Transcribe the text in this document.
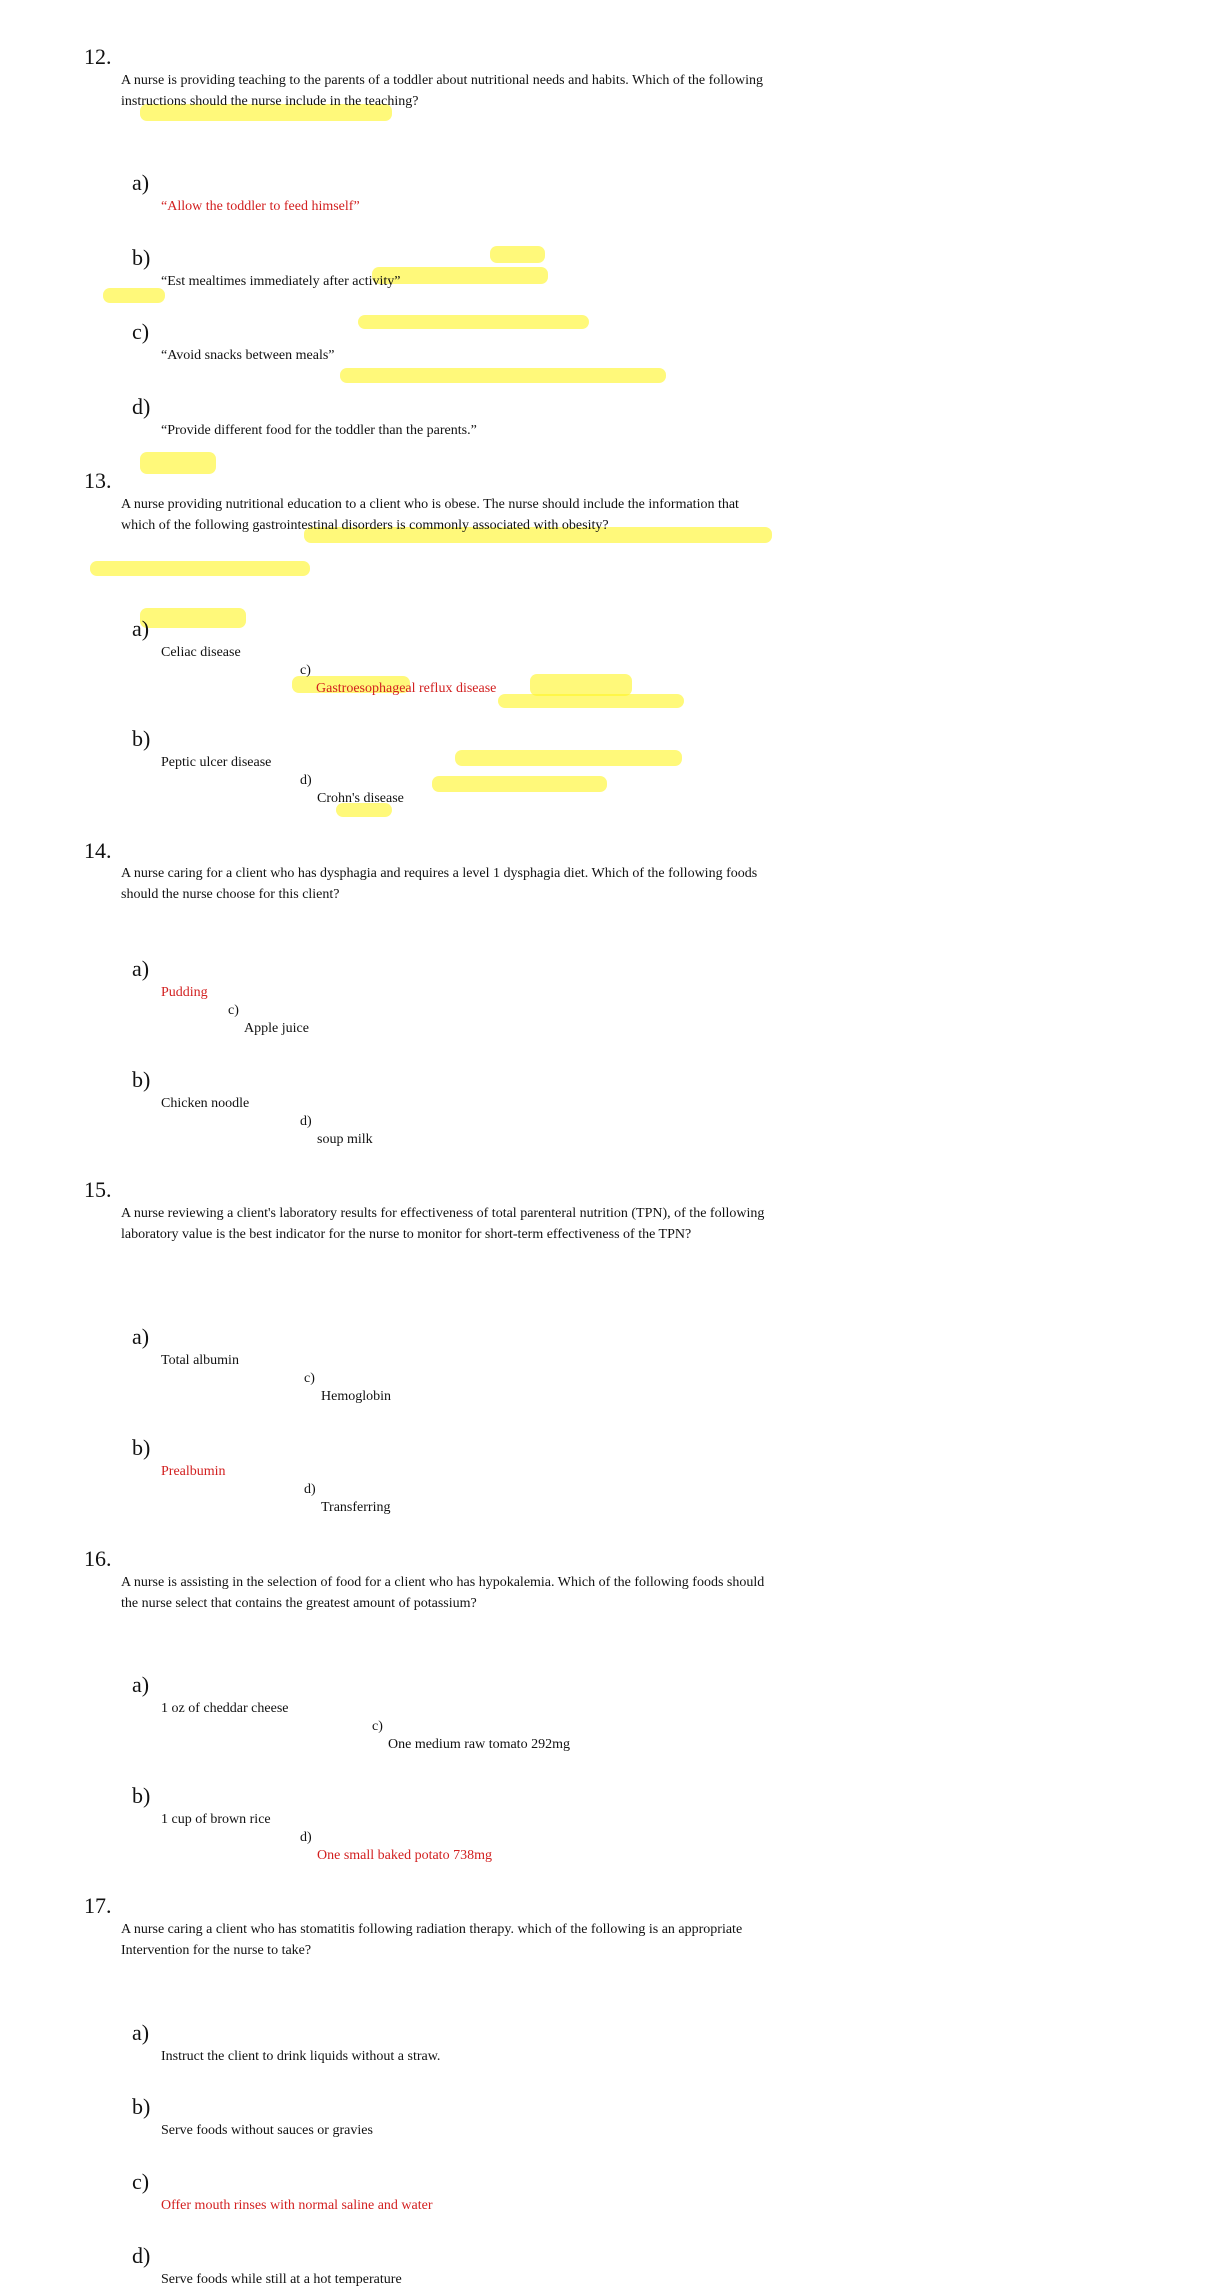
12.
A nurse is providing teaching to the parents of a toddler about nutritional needs and habits. Which of the following instructions should the nurse include in the teaching?
a)
“Allow the toddler to feed himself”
b)
“Est mealtimes immediately after activity”
c)
“Avoid snacks between meals”
d)
“Provide different food for the toddler than the parents.”
13.
A nurse providing nutritional education to a client who is obese. The nurse should include the information that which of the following gastrointestinal disorders is commonly associated with obesity?
a)
Celiac disease
c)
Gastroesophageal reflux disease
b)
Peptic ulcer disease
d)
Crohn's disease
14.
A nurse caring for a client who has dysphagia and requires a level 1 dysphagia diet. Which of the following foods should the nurse choose for this client?
a)
Pudding
c)
Apple juice
b)
Chicken noodle
d)
soup milk
15.
A nurse reviewing a client's laboratory results for effectiveness of total parenteral nutrition (TPN), of the following laboratory value is the best indicator for the nurse to monitor for short-term effectiveness of the TPN?
a)
Total albumin
c)
Hemoglobin
b)
Prealbumin
d)
Transferring
16.
A nurse is assisting in the selection of food for a client who has hypokalemia. Which of the following foods should the nurse select that contains the greatest amount of potassium?
a)
1 oz of cheddar cheese
c)
One medium raw tomato 292mg
b)
1 cup of brown rice
d)
One small baked potato 738mg
17.
A nurse caring a client who has stomatitis following radiation therapy. which of the following is an appropriate Intervention for the nurse to take?
a)
Instruct the client to drink liquids without a straw.
b)
Serve foods without sauces or gravies
c)
Offer mouth rinses with normal saline and water
d)
Serve foods while still at a hot temperature
